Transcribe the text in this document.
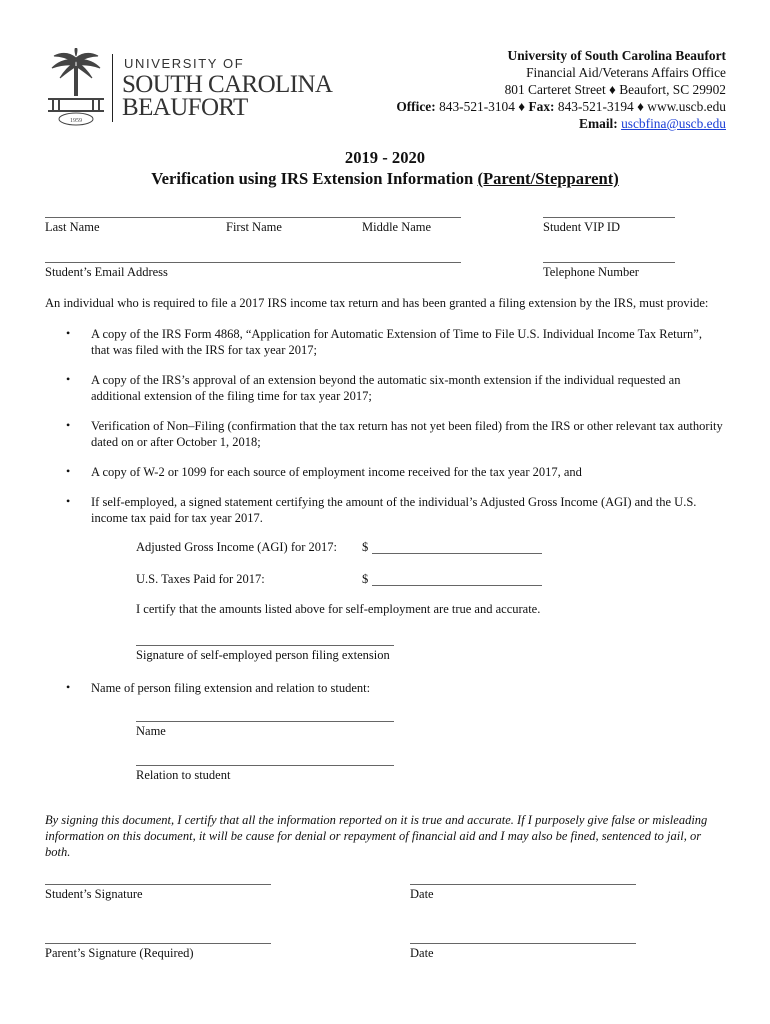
1959
UNIVERSITY OF
SOUTH CAROLINA
BEAUFORT
University of South Carolina Beaufort
Financial Aid/Veterans Affairs Office
801 Carteret Street ♦ Beaufort, SC 29902
Office: 843-521-3104 ♦ Fax: 843-521-3194 ♦ www.uscb.edu
Email: uscbfina@uscb.edu
2019 - 2020
Verification using IRS Extension Information (Parent/Stepparent)
Last Name	First Name	Middle Name	Student VIP ID
Student’s Email Address	Telephone Number
An individual who is required to file a 2017 IRS income tax return and has been granted a filing extension by the IRS, must provide:
• A copy of the IRS Form 4868, “Application for Automatic Extension of Time to File U.S. Individual Income Tax Return”, that was filed with the IRS for tax year 2017;
• A copy of the IRS’s approval of an extension beyond the automatic six-month extension if the individual requested an additional extension of the filing time for tax year 2017;
• Verification of Non–Filing (confirmation that the tax return has not yet been filed) from the IRS or other relevant tax authority dated on or after October 1, 2018;
• A copy of W-2 or 1099 for each source of employment income received for the tax year 2017, and
• If self-employed, a signed statement certifying the amount of the individual’s Adjusted Gross Income (AGI) and the U.S. income tax paid for tax year 2017.
Adjusted Gross Income (AGI) for 2017: $
U.S. Taxes Paid for 2017:	$
I certify that the amounts listed above for self-employment are true and accurate.
Signature of self-employed person filing extension
• Name of person filing extension and relation to student:
Name
Relation to student
By signing this document, I certify that all the information reported on it is true and accurate. If I purposely give false or misleading information on this document, it will be cause for denial or repayment of financial aid and I may also be fined, sentenced to jail, or both.
Student’s Signature	Date
Parent’s Signature (Required)	Date
